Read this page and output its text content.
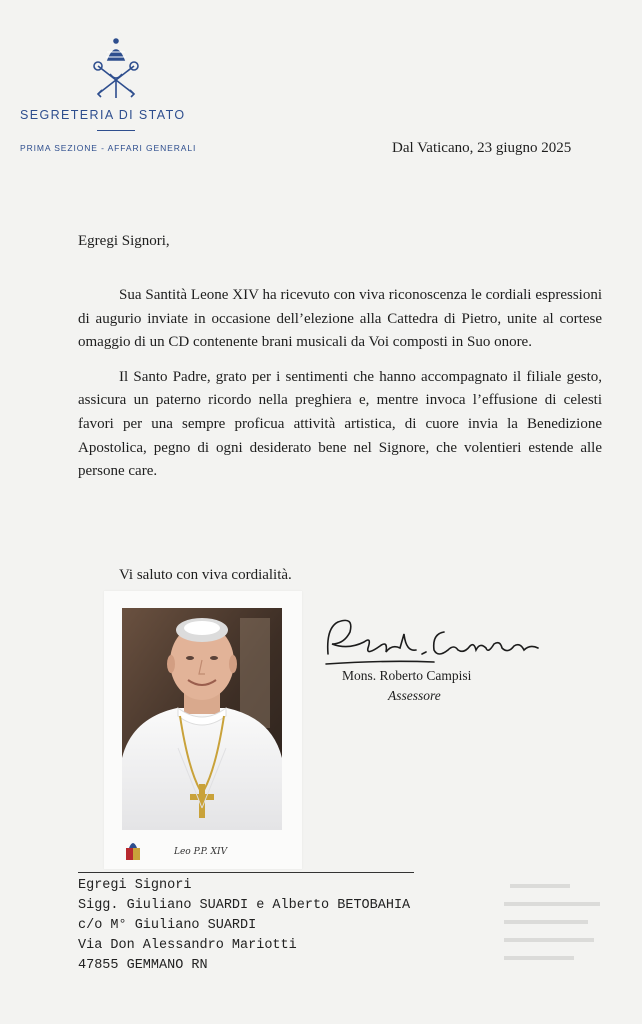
SEGRETERIA DI STATO
PRIMA SEZIONE - AFFARI GENERALI	Dal Vaticano, 23 giugno 2025
Egregi Signori,

Sua Santità Leone XIV ha ricevuto con viva riconoscenza le cordiali espressioni di augurio inviate in occasione dell’elezione alla Cattedra di Pietro, unite al cortese omaggio di un CD contenente brani musicali da Voi composti in Suo onore.

Il Santo Padre, grato per i sentimenti che hanno accompagnato il filiale gesto, assicura un paterno ricordo nella preghiera e, mentre invoca l’effusione di celesti favori per una sempre proficua attività artistica, di cuore invia la Benedizione Apostolica, pegno di ogni desiderato bene nel Signore, che volentieri estende alle persone care.

Vi saluto con viva cordialità.
Leo P.P. XIV
Mons. Roberto Campisi
Assessore
Egregi Signori
Sigg. Giuliano SUARDI e Alberto BETOBAHIA
c/o M° Giuliano SUARDI
Via Don Alessandro Mariotti
47855 GEMMANO RN
